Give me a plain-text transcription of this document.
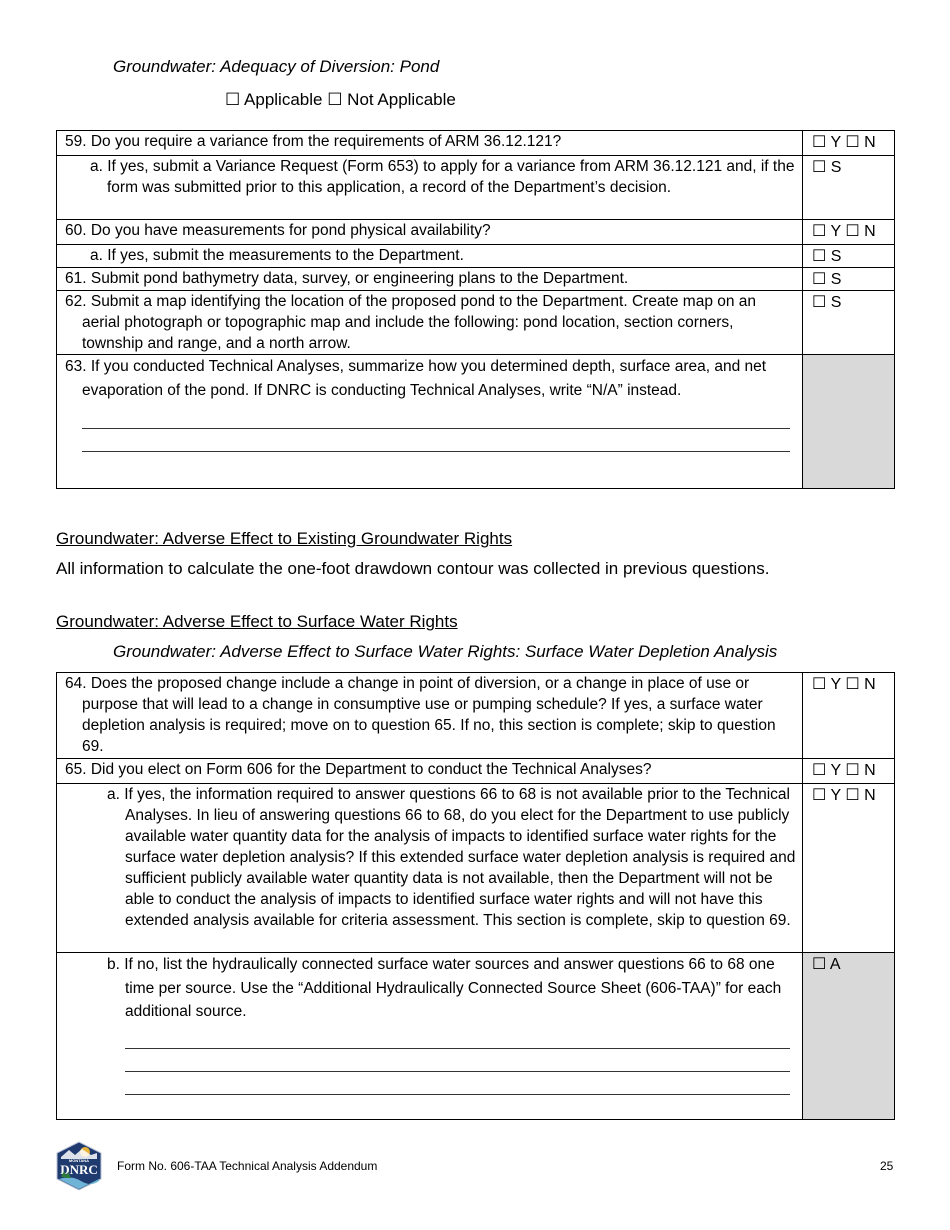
Groundwater: Adequacy of Diversion: Pond
☐ Applicable ☐ Not Applicable
59. Do you require a variance from the requirements of ARM 36.12.121?	☐ Y ☐ N

a. If yes, submit a Variance Request (Form 653) to apply for a variance from ARM 36.12.121 and, if the form was submitted prior to this application, a record of the Department’s decision.	☐ S

60. Do you have measurements for pond physical availability?	☐ Y ☐ N

a. If yes, submit the measurements to the Department.	☐ S

61. Submit pond bathymetry data, survey, or engineering plans to the Department.	☐ S

62. Submit a map identifying the location of the proposed pond to the Department. Create map on an aerial photograph or topographic map and include the following: pond location, section corners, township and range, and a north arrow.	☐ S

63. If you conducted Technical Analyses, summarize how you determined depth, surface area, and net evaporation of the pond. If DNRC is conducting Technical Analyses, write “N/A” instead.	

Groundwater: Adverse Effect to Existing Groundwater Rights
All information to calculate the one-foot drawdown contour was collected in previous questions.
Groundwater: Adverse Effect to Surface Water Rights
Groundwater: Adverse Effect to Surface Water Rights: Surface Water Depletion Analysis
64. Does the proposed change include a change in point of diversion, or a change in place of use or purpose that will lead to a change in consumptive use or pumping schedule? If yes, a surface water depletion analysis is required; move on to question 65. If no, this section is complete; skip to question 69.	☐ Y ☐ N

65. Did you elect on Form 606 for the Department to conduct the Technical Analyses?	☐ Y ☐ N

a. If yes, the information required to answer questions 66 to 68 is not available prior to the Technical Analyses. In lieu of answering questions 66 to 68, do you elect for the Department to use publicly available water quantity data for the analysis of impacts to identified surface water rights for the surface water depletion analysis? If this extended surface water depletion analysis is required and sufficient publicly available water quantity data is not available, then the Department will not be able to conduct the analysis of impacts to identified surface water rights and will not have this extended analysis available for criteria assessment. This section is complete, skip to question 69.	☐ Y ☐ N

b. If no, list the hydraulically connected surface water sources and answer questions 66 to 68 one time per source. Use the “Additional Hydraulically Connected Source Sheet (606-TAA)” for each additional source.	☐ A
MONTANA
DNRC Form No. 606-TAA Technical Analysis Addendum	25
